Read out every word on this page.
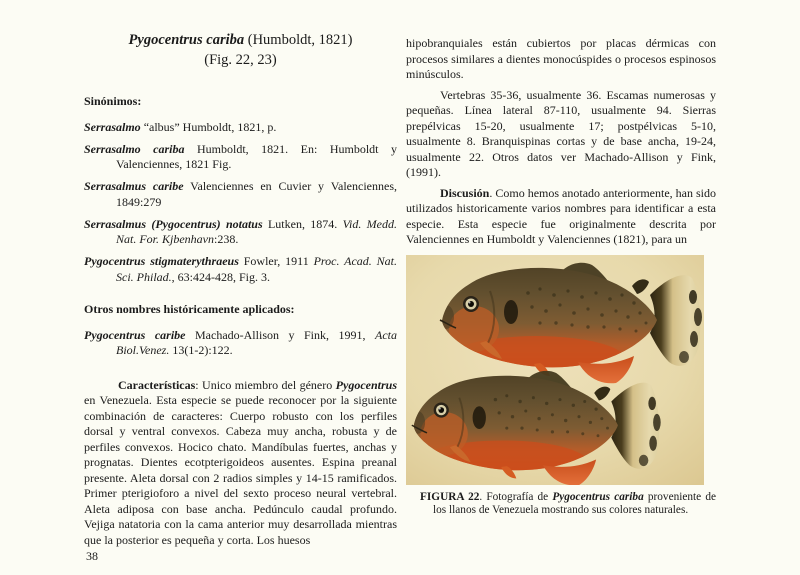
Pygocentrus cariba (Humboldt, 1821)
(Fig. 22, 23)

Sinónimos:

Serrasalmo “albus” Humboldt, 1821, p.

Serrasalmo cariba Humboldt, 1821. En: Humboldt y Valenciennes, 1821 Fig.

Serrasalmus caribe Valenciennes en Cuvier y Valenciennes, 1849:279

Serrasalmus (Pygocentrus) notatus Lutken, 1874. Vid. Medd. Nat. For. Kjbenhavn:238.

Pygocentrus stigmaterythraeus Fowler, 1911 Proc. Acad. Nat. Sci. Philad., 63:424-428, Fig. 3.

Otros nombres históricamente aplicados:

Pygocentrus caribe Machado-Allison y Fink, 1991, Acta Biol.Venez. 13(1-2):122.

Características: Unico miembro del género Pygocentrus en Venezuela. Esta especie se puede reconocer por la siguiente combinación de caracteres: Cuerpo robusto con los perfiles dorsal y ventral convexos. Cabeza muy ancha, robusta y de perfiles convexos. Hocico chato. Mandíbulas fuertes, anchas y prognatas. Dientes ecotpterigoideos ausentes. Espina preanal presente. Aleta dorsal con 2 radios simples y 14-15 ramificados. Primer pterigioforo a nivel del sexto proceso neural vertebral. Aleta adiposa con base ancha. Pedúnculo caudal profundo. Vejiga natatoria con la cama anterior muy desarrollada mientras que la posterior es pequeña y corta. Los huesos

38

hipobranquiales están cubiertos por placas dérmicas con procesos similares a dientes monocúspides o procesos espinosos minúsculos.

Vertebras 35-36, usualmente 36. Escamas numerosas y pequeñas. Línea lateral 87-110, usualmente 94. Sierras prepélvicas 15-20, usualmente 17; postpélvicas 5-10, usualmente 8. Branquispinas cortas y de base ancha, 19-24, usualmente 22. Otros datos ver Machado-Allison y Fink, (1991).

Discusión. Como hemos anotado anteriormente, han sido utilizados historicamente varios nombres para identificar a esta especie. Esta especie fue originalmente descrita por Valenciennes en Humboldt y Valenciennes (1821), para un

FIGURA 22. Fotografía de Pygocentrus cariba proveniente de los llanos de Venezuela mostrando sus colores naturales.
